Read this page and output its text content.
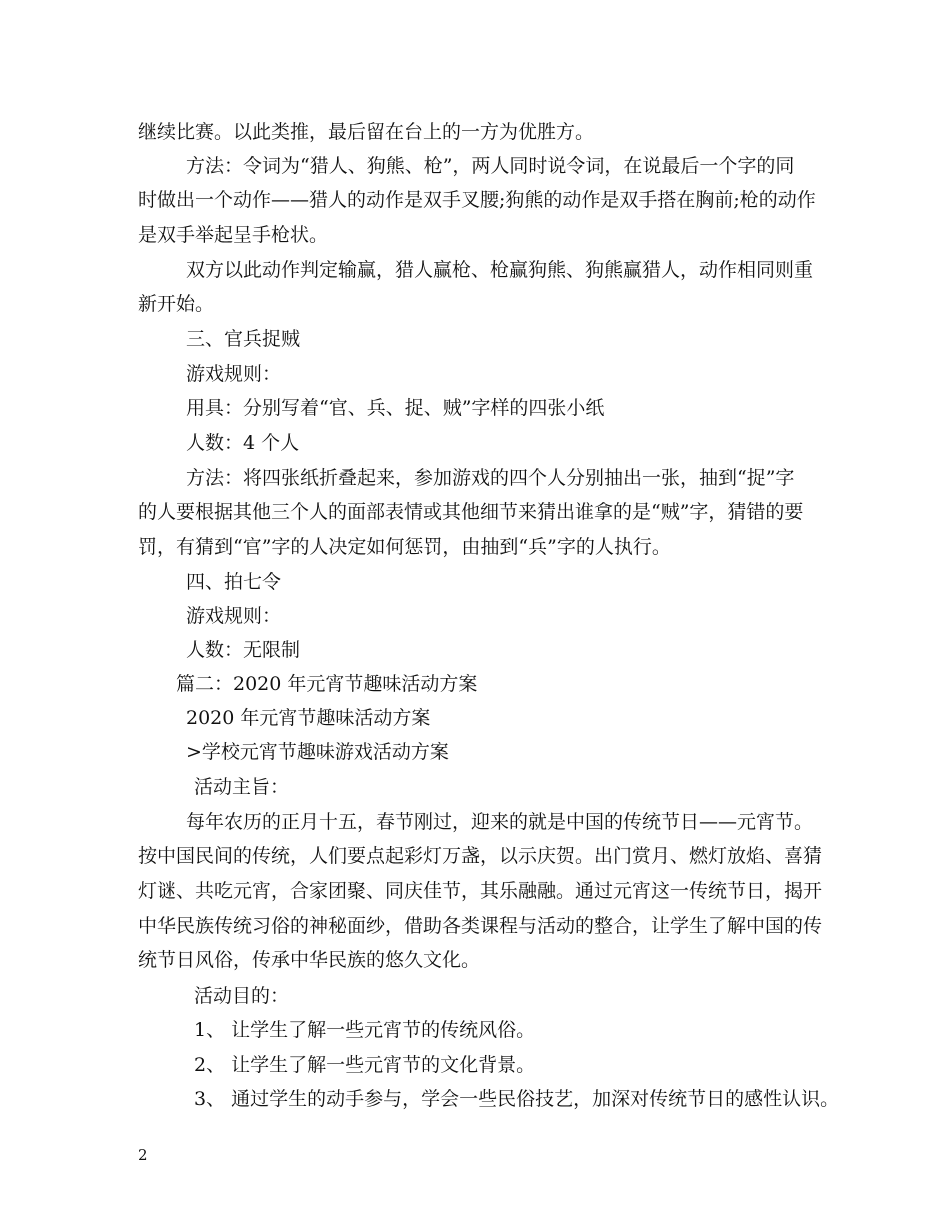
继续比赛。以此类推，最后留在台上的一方为优胜方。
方法：令词为“猎人、狗熊、枪”，两人同时说令词，在说最后一个字的同
时做出一个动作——猎人的动作是双手叉腰;狗熊的动作是双手搭在胸前;枪的动作
是双手举起呈手枪状。
双方以此动作判定输赢，猎人赢枪、枪赢狗熊、狗熊赢猎人，动作相同则重
新开始。
三、官兵捉贼
游戏规则：
用具：分别写着“官、兵、捉、贼”字样的四张小纸
人数：4 个人
方法：将四张纸折叠起来，参加游戏的四个人分别抽出一张，抽到“捉”字
的人要根据其他三个人的面部表情或其他细节来猜出谁拿的是“贼”字，猜错的要
罚，有猜到“官”字的人决定如何惩罚，由抽到“兵”字的人执行。
四、拍七令
游戏规则：
人数：无限制
篇二：2020 年元宵节趣味活动方案
2020 年元宵节趣味活动方案
>学校元宵节趣味游戏活动方案
活动主旨：
每年农历的正月十五，春节刚过，迎来的就是中国的传统节日——元宵节。
按中国民间的传统，人们要点起彩灯万盏，以示庆贺。出门赏月、燃灯放焰、喜猜
灯谜、共吃元宵，合家团聚、同庆佳节，其乐融融。通过元宵这一传统节日，揭开
中华民族传统习俗的神秘面纱，借助各类课程与活动的整合，让学生了解中国的传
统节日风俗，传承中华民族的悠久文化。
活动目的：
1、 让学生了解一些元宵节的传统风俗。
2、 让学生了解一些元宵节的文化背景。
3、 通过学生的动手参与，学会一些民俗技艺，加深对传统节日的感性认识。
2
